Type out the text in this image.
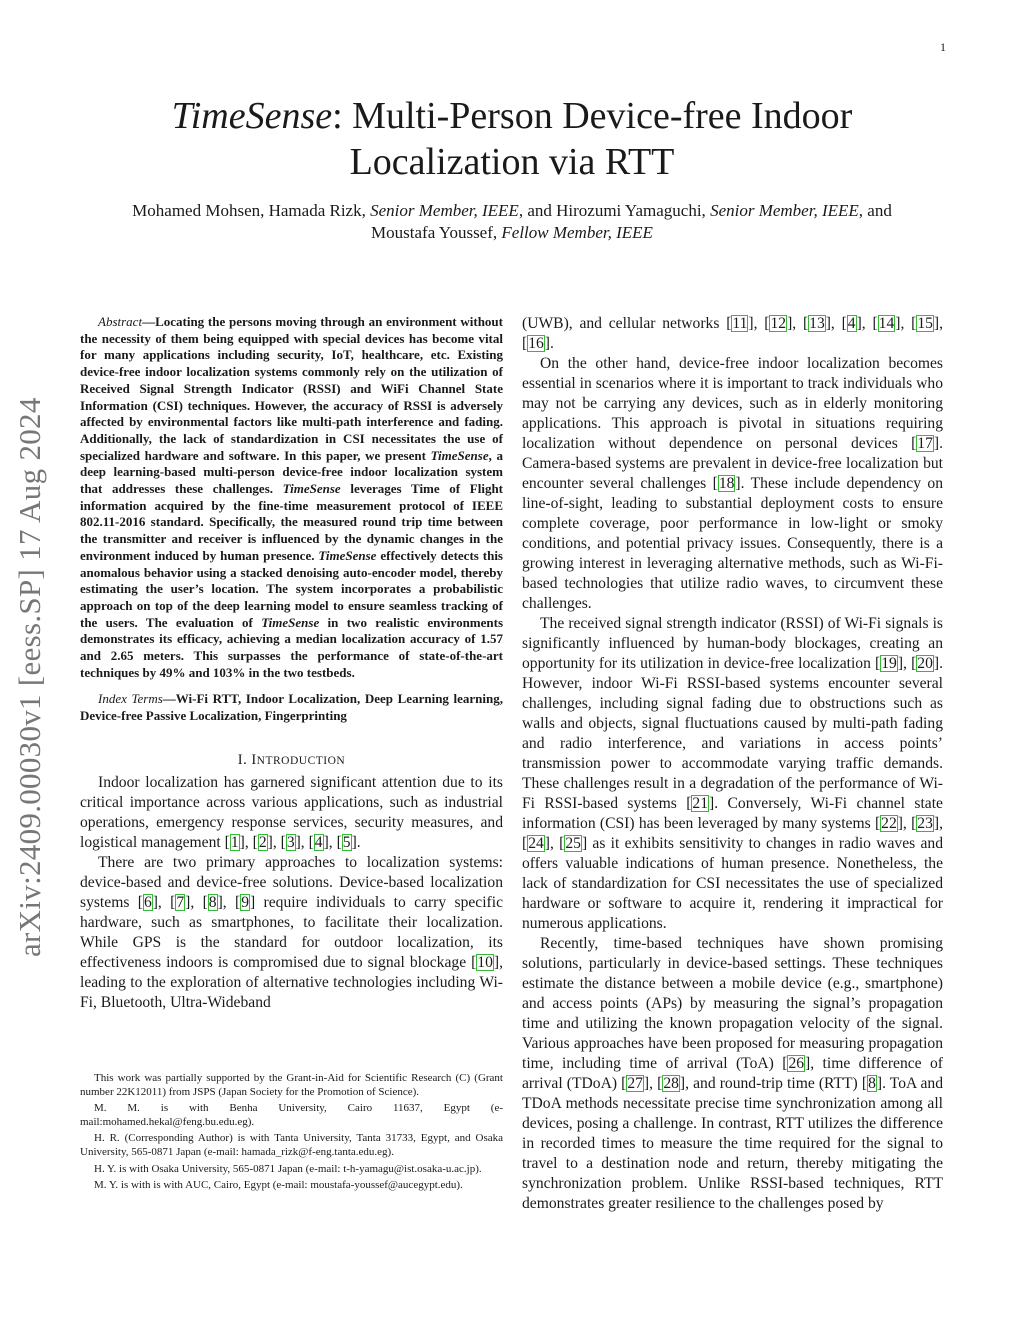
1
arXiv:2409.00030v1 [eess.SP] 17 Aug 2024
TimeSense: Multi-Person Device-free Indoor
Localization via RTT
Mohamed Mohsen, Hamada Rizk, Senior Member, IEEE, and Hirozumi Yamaguchi, Senior Member, IEEE, and
Moustafa Youssef, Fellow Member, IEEE

Abstract—Locating the persons moving through an environment without the necessity of them being equipped with special devices has become vital for many applications including security, IoT, healthcare, etc. Existing device-free indoor localization systems commonly rely on the utilization of Received Signal Strength Indicator (RSSI) and WiFi Channel State Information (CSI) techniques. However, the accuracy of RSSI is adversely affected by environmental factors like multi-path interference and fading. Additionally, the lack of standardization in CSI necessitates the use of specialized hardware and software. In this paper, we present TimeSense, a deep learning-based multi-person device-free indoor localization system that addresses these challenges. TimeSense leverages Time of Flight information acquired by the fine-time measurement protocol of IEEE 802.11-2016 standard. Specifically, the measured round trip time between the transmitter and receiver is influenced by the dynamic changes in the environment induced by human presence. TimeSense effectively detects this anomalous behavior using a stacked denoising auto-encoder model, thereby estimating the user’s location. The system incorporates a probabilistic approach on top of the deep learning model to ensure seamless tracking of the users. The evaluation of TimeSense in two realistic environments demonstrates its efficacy, achieving a median localization accuracy of 1.57 and 2.65 meters. This surpasses the performance of state-of-the-art techniques by 49% and 103% in the two testbeds.

Index Terms—Wi-Fi RTT, Indoor Localization, Deep Learning learning, Device-free Passive Localization, Fingerprinting

I. INTRODUCTION

Indoor localization has garnered significant attention due to its critical importance across various applications, such as industrial operations, emergency response services, security measures, and logistical management [1], [2], [3], [4], [5].

There are two primary approaches to localization systems: device-based and device-free solutions. Device-based localization systems [6], [7], [8], [9] require individuals to carry specific hardware, such as smartphones, to facilitate their localization. While GPS is the standard for outdoor localization, its effectiveness indoors is compromised due to signal blockage [10], leading to the exploration of alternative technologies including Wi-Fi, Bluetooth, Ultra-Wideband

This work was partially supported by the Grant-in-Aid for Scientific Research (C) (Grant number 22K12011) from JSPS (Japan Society for the Promotion of Science).

M. M. is with Benha University, Cairo 11637, Egypt (e-mail:mohamed.hekal@feng.bu.edu.eg).

H. R. (Corresponding Author) is with Tanta University, Tanta 31733, Egypt, and Osaka University, 565-0871 Japan (e-mail: hamada_rizk@f-eng.tanta.edu.eg).

H. Y. is with Osaka University, 565-0871 Japan (e-mail: t-h-yamagu@ist.osaka-u.ac.jp).

M. Y. is with is with AUC, Cairo, Egypt (e-mail: moustafa-youssef@aucegypt.edu).

(UWB), and cellular networks [11], [12], [13], [4], [14], [15], [16].

On the other hand, device-free indoor localization becomes essential in scenarios where it is important to track individuals who may not be carrying any devices, such as in elderly monitoring applications. This approach is pivotal in situations requiring localization without dependence on personal devices [17]. Camera-based systems are prevalent in device-free localization but encounter several challenges [18]. These include dependency on line-of-sight, leading to substantial deployment costs to ensure complete coverage, poor performance in low-light or smoky conditions, and potential privacy issues. Consequently, there is a growing interest in leveraging alternative methods, such as Wi-Fi-based technologies that utilize radio waves, to circumvent these challenges.

The received signal strength indicator (RSSI) of Wi-Fi signals is significantly influenced by human-body blockages, creating an opportunity for its utilization in device-free localization [19], [20]. However, indoor Wi-Fi RSSI-based systems encounter several challenges, including signal fading due to obstructions such as walls and objects, signal fluctuations caused by multi-path fading and radio interference, and variations in access points’ transmission power to accommodate varying traffic demands. These challenges result in a degradation of the performance of Wi-Fi RSSI-based systems [21]. Conversely, Wi-Fi channel state information (CSI) has been leveraged by many systems [22], [23], [24], [25] as it exhibits sensitivity to changes in radio waves and offers valuable indications of human presence. Nonetheless, the lack of standardization for CSI necessitates the use of specialized hardware or software to acquire it, rendering it impractical for numerous applications.

Recently, time-based techniques have shown promising solutions, particularly in device-based settings. These techniques estimate the distance between a mobile device (e.g., smartphone) and access points (APs) by measuring the signal’s propagation time and utilizing the known propagation velocity of the signal. Various approaches have been proposed for measuring propagation time, including time of arrival (ToA) [26], time difference of arrival (TDoA) [27], [28], and round-trip time (RTT) [8]. ToA and TDoA methods necessitate precise time synchronization among all devices, posing a challenge. In contrast, RTT utilizes the difference in recorded times to measure the time required for the signal to travel to a destination node and return, thereby mitigating the synchronization problem. Unlike RSSI-based techniques, RTT demonstrates greater resilience to the challenges posed by
